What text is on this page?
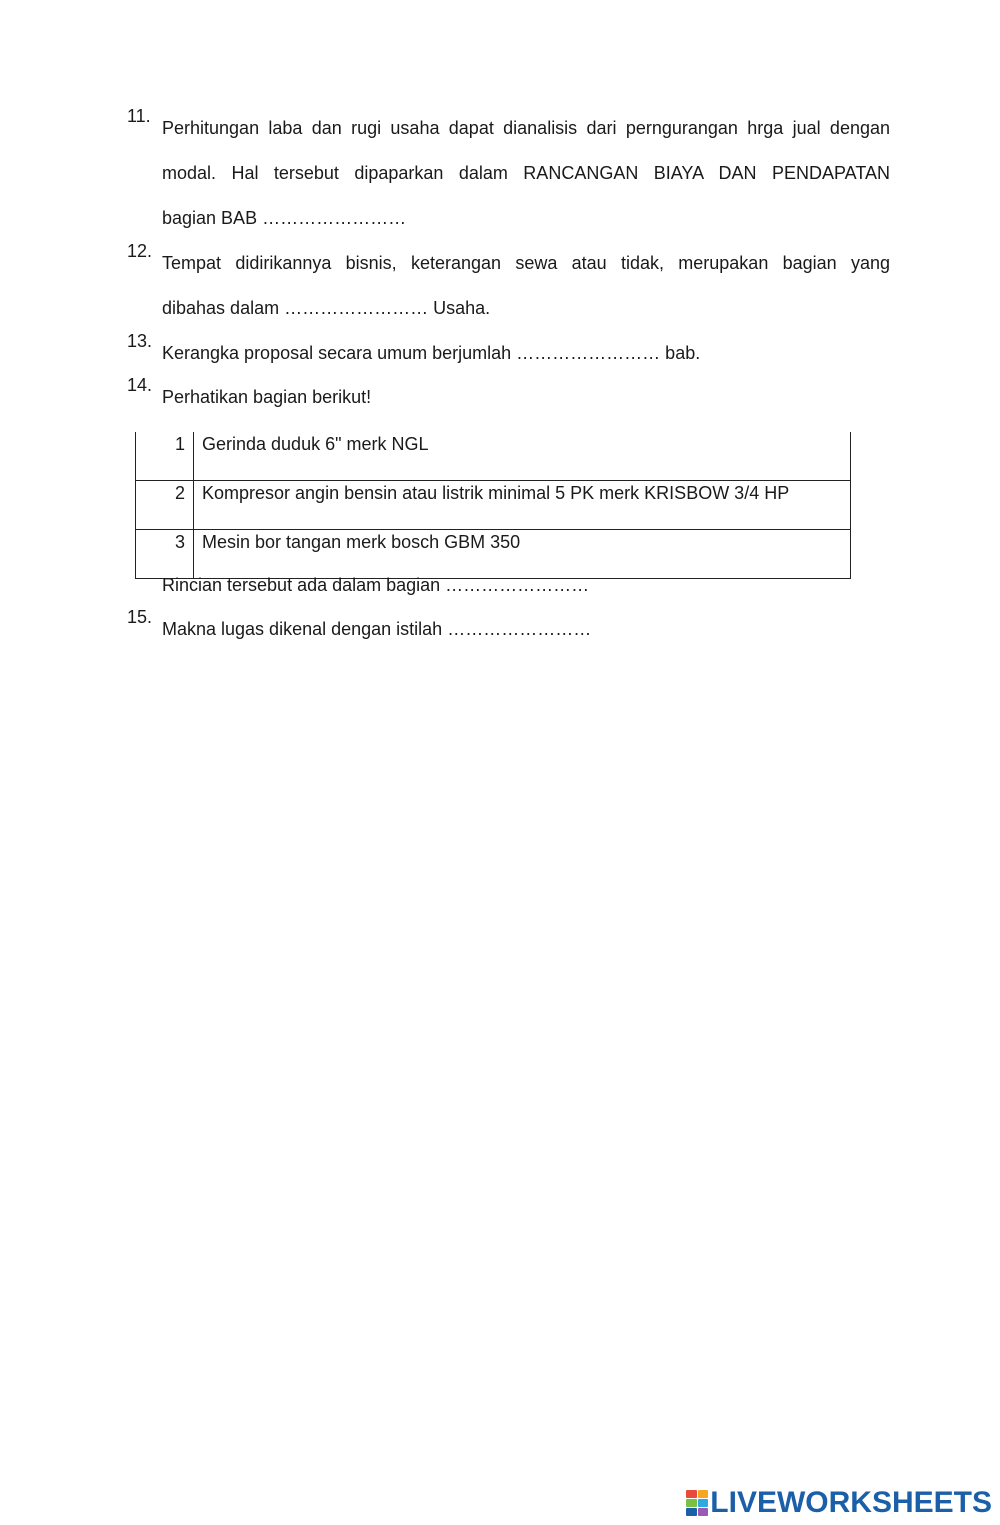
11.
Perhitungan laba dan rugi usaha dapat dianalisis dari perngurangan hrga jual dengan
modal. Hal tersebut dipaparkan dalam RANCANGAN BIAYA DAN PENDAPATAN
bagian BAB ……………………
12.
Tempat didirikannya bisnis, keterangan sewa atau tidak, merupakan bagian yang
dibahas dalam …………………… Usaha.
13.
Kerangka proposal secara umum berjumlah …………………… bab.
14.
Perhatikan bagian berikut!
1	Gerinda duduk 6" merk NGL
2	Kompresor angin bensin atau listrik minimal 5 PK merk KRISBOW 3/4 HP
3	Mesin bor tangan merk bosch GBM 350
Rincian tersebut ada dalam bagian ……………………
15.
Makna lugas dikenal dengan istilah ……………………
LIVEWORKSHEETS
